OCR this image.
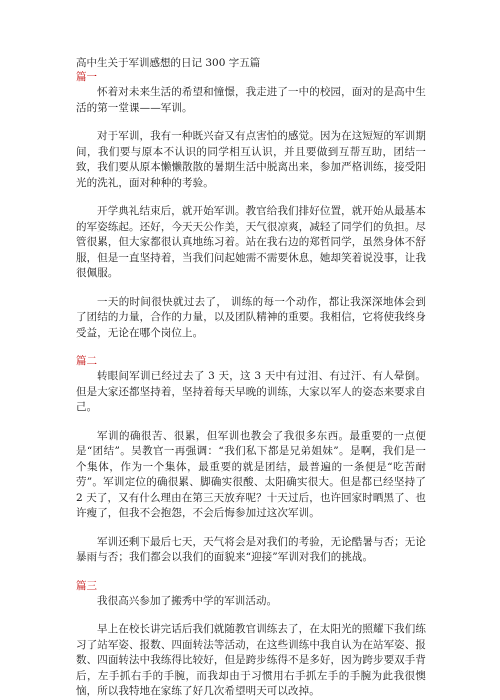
高中生关于军训感想的日记 300 字五篇

篇一

怀着对未来生活的希望和憧憬，我走进了一中的校园，面对的是高中生活的第一堂课——军训。

对于军训，我有一种既兴奋又有点害怕的感觉。因为在这短短的军训期间，我们要与原本不认识的同学相互认识，并且要做到互帮互助，团结一致，我们要从原本懒懒散散的暑期生活中脱离出来，参加严格训练，接受阳光的洗礼，面对种种的考验。

开学典礼结束后，就开始军训。教官给我们排好位置，就开始从最基本的军姿练起。还好，今天天公作美，天气很凉爽，减轻了同学们的负担。尽管很累，但大家都很认真地练习着。站在我右边的郑哲同学，虽然身体不舒服，但是一直坚持着，当我们问起她需不需要休息，她却笑着说没事，让我很佩服。

一天的时间很快就过去了， 训练的每一个动作，都让我深深地体会到了团结的力量，合作的力量，以及团队精神的重要。我相信，它将使我终身受益，无论在哪个岗位上。

篇二

转眼间军训已经过去了 3 天，这 3 天中有过泪、有过汗、有人晕倒。但是大家还都坚持着，坚持着每天早晚的训练，大家以军人的姿态来要求自己。

军训的确很苦、很累，但军训也教会了我很多东西。最重要的一点便是“团结”。吴教官一再强调：“我们私下都是兄弟姐妹”。是啊，我们是一个集体，作为一个集体，最重要的就是团结，最普遍的一条便是“吃苦耐劳”。军训定位的确很累、脚确实很酸、太阳确实很大。但是都已经坚持了 2 天了，又有什么理由在第三天放弃呢？十天过后，也许回家时晒黑了、也许瘦了，但我不会抱怨，不会后悔参加过这次军训。

军训还剩下最后七天，天气将会是对我们的考验，无论酷暑与否；无论暴雨与否；我们都会以我们的面貌来“迎接”军训对我们的挑战。

篇三

我很高兴参加了搬秀中学的军训活动。

早上在校长讲完话后我们就随教官训练去了，在太阳光的照耀下我们练习了站军姿、报数、四面转法等活动，在这些训练中我自认为在站军姿、报数、四面转法中我练得比较好，但是跨步练得不是多好，因为跨步要双手背后，左手抓右手的手腕，而我却由于习惯用右手抓左手的手腕为此我很懊恼，所以我特地在家练了好几次希望明天可以改掉。
